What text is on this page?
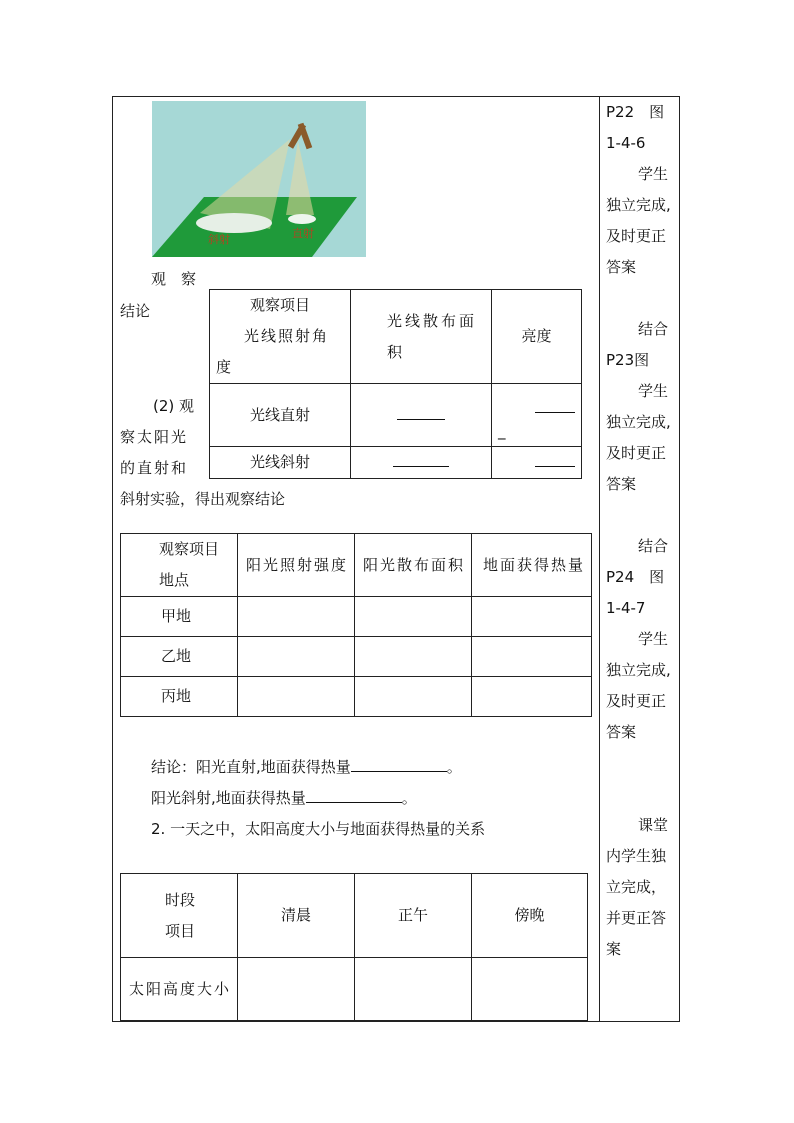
斜射	直射
观　察
结论
(2) 观
察太阳光
的直射和
斜射实验，得出观察结论
观察项目
光线照射角
度	光线散布面积	亮度
光线直射		_

光线斜射		
观察项目
地点	阳光照射强度	阳光散布面积	地面获得热量

甲地			
乙地			
丙地			
结论：阳光直射,地面获得热量	。
阳光斜射,地面获得热量	。
2. 一天之中，太阳高度大小与地面获得热量的关系
时段
项目	清晨	正午	傍晚

太阳高度大小			

P22　图

1-4-6

学生

独立完成,

及时更正

答案

结合

P23图

学生

独立完成,

及时更正

答案

结合

P24　图

1-4-7

学生

独立完成,

及时更正

答案

课堂

内学生独

立完成，

并更正答

案
